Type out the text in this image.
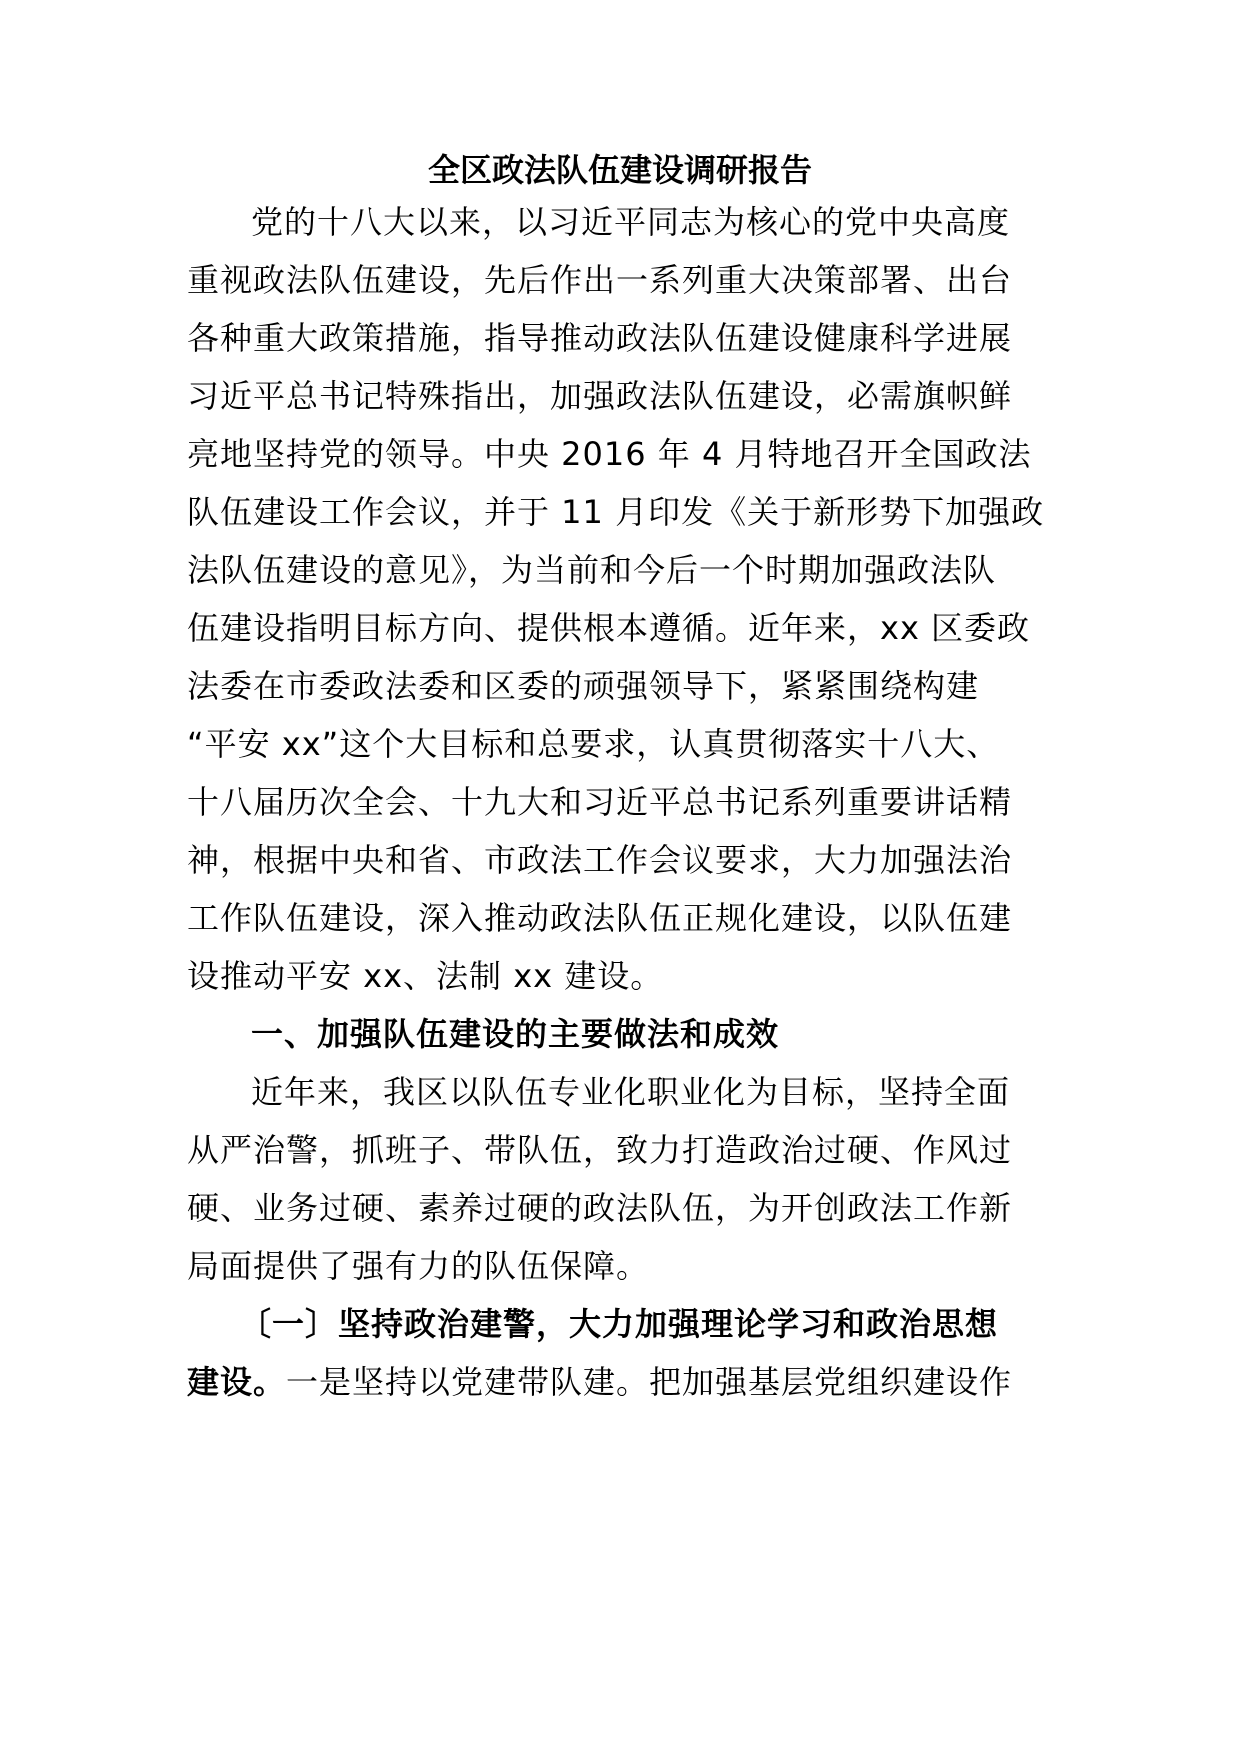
全区政法队伍建设调研报告

党的十八大以来，以习近平同志为核心的党中央高度

重视政法队伍建设，先后作出一系列重大决策部署、出台

各种重大政策措施，指导推动政法队伍建设健康科学进展

习近平总书记特殊指出，加强政法队伍建设，必需旗帜鲜

亮地坚持党的领导。中央 2016 年 4 月特地召开全国政法

队伍建设工作会议，并于 11 月印发《关于新形势下加强政

法队伍建设的意见》，为当前和今后一个时期加强政法队

伍建设指明目标方向、提供根本遵循。近年来，xx 区委政

法委在市委政法委和区委的顽强领导下，紧紧围绕构建

“平安 xx”这个大目标和总要求，认真贯彻落实十八大、

十八届历次全会、十九大和习近平总书记系列重要讲话精

神，根据中央和省、市政法工作会议要求，大力加强法治

工作队伍建设，深入推动政法队伍正规化建设，以队伍建

设推动平安 xx、法制 xx 建设。

一、加强队伍建设的主要做法和成效

近年来，我区以队伍专业化职业化为目标，坚持全面

从严治警，抓班子、带队伍，致力打造政治过硬、作风过

硬、业务过硬、素养过硬的政法队伍，为开创政法工作新

局面提供了强有力的队伍保障。

〔一〕坚持政治建警，大力加强理论学习和政治思想

建设。一是坚持以党建带队建。把加强基层党组织建设作
